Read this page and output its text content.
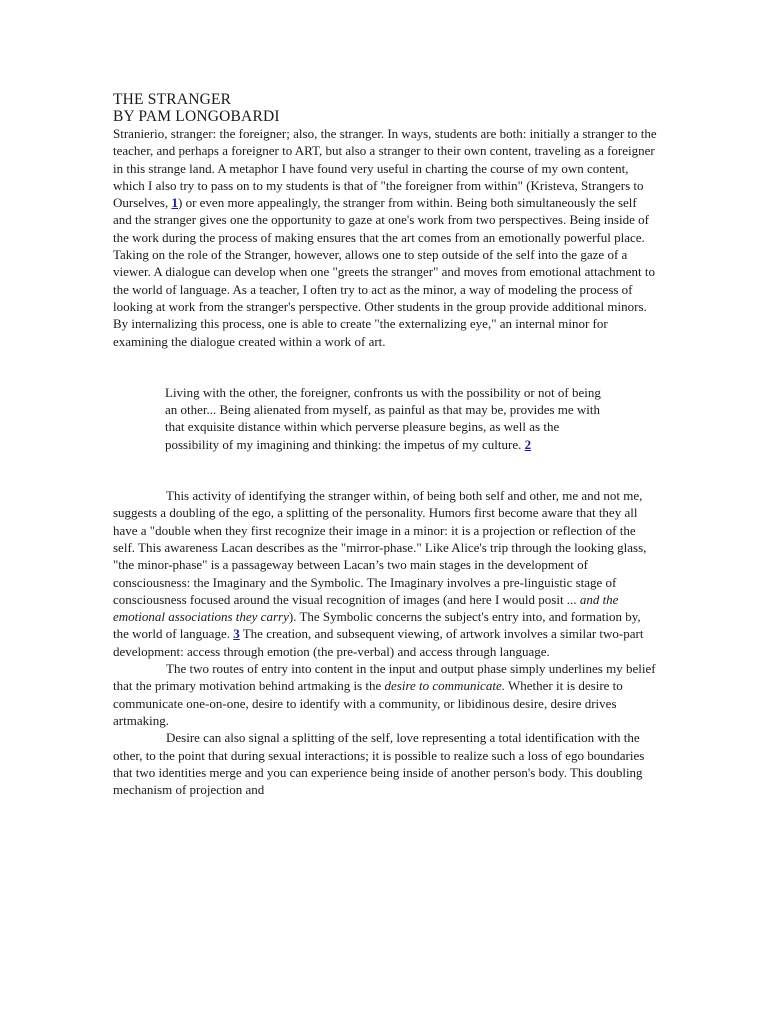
THE STRANGER
BY PAM LONGOBARDI

Stranierio, stranger: the foreigner; also, the stranger. In ways, students are both: initially a stranger to the teacher, and perhaps a foreigner to ART, but also a stranger to their own content, traveling as a foreigner in this strange land. A metaphor I have found very useful in charting the course of my own content, which I also try to pass on to my students is that of "the foreigner from within" (Kristeva, Strangers to Ourselves, 1) or even more appealingly, the stranger from within. Being both simultaneously the self and the stranger gives one the opportunity to gaze at one's work from two perspectives. Being inside of the work during the process of making ensures that the art comes from an emotionally powerful place. Taking on the role of the Stranger, however, allows one to step outside of the self into the gaze of a viewer. A dialogue can develop when one "greets the stranger" and moves from emotional attachment to the world of language. As a teacher, I often try to act as the minor, a way of modeling the process of looking at work from the stranger's perspective. Other students in the group provide additional minors. By internalizing this process, one is able to create "the externalizing eye," an internal minor for examining the dialogue created within a work of art.

Living with the other, the foreigner, confronts us with the possibility or not of being an other... Being alienated from myself, as painful as that may be, provides me with that exquisite distance within which perverse pleasure begins, as well as the possibility of my imagining and thinking: the impetus of my culture. 2

This activity of identifying the stranger within, of being both self and other, me and not me, suggests a doubling of the ego, a splitting of the personality. Humors first become aware that they all have a "double when they first recognize their image in a minor: it is a projection or reflection of the self. This awareness Lacan describes as the "mirror-phase." Like Alice's trip through the looking glass, "the minor-phase" is a passageway between Lacan’s two main stages in the development of consciousness: the Imaginary and the Symbolic. The Imaginary involves a pre-linguistic stage of consciousness focused around the visual recognition of images (and here I would posit ... and the emotional associations they carry). The Symbolic concerns the subject's entry into, and formation by, the world of language. 3 The creation, and subsequent viewing, of artwork involves a similar two-part development: access through emotion (the pre-verbal) and access through language.

The two routes of entry into content in the input and output phase simply underlines my belief that the primary motivation behind artmaking is the desire to communicate. Whether it is desire to communicate one-on-one, desire to identify with a community, or libidinous desire, desire drives artmaking.

Desire can also signal a splitting of the self, love representing a total identification with the other, to the point that during sexual interactions; it is possible to realize such a loss of ego boundaries that two identities merge and you can experience being inside of another person's body. This doubling mechanism of projection and
